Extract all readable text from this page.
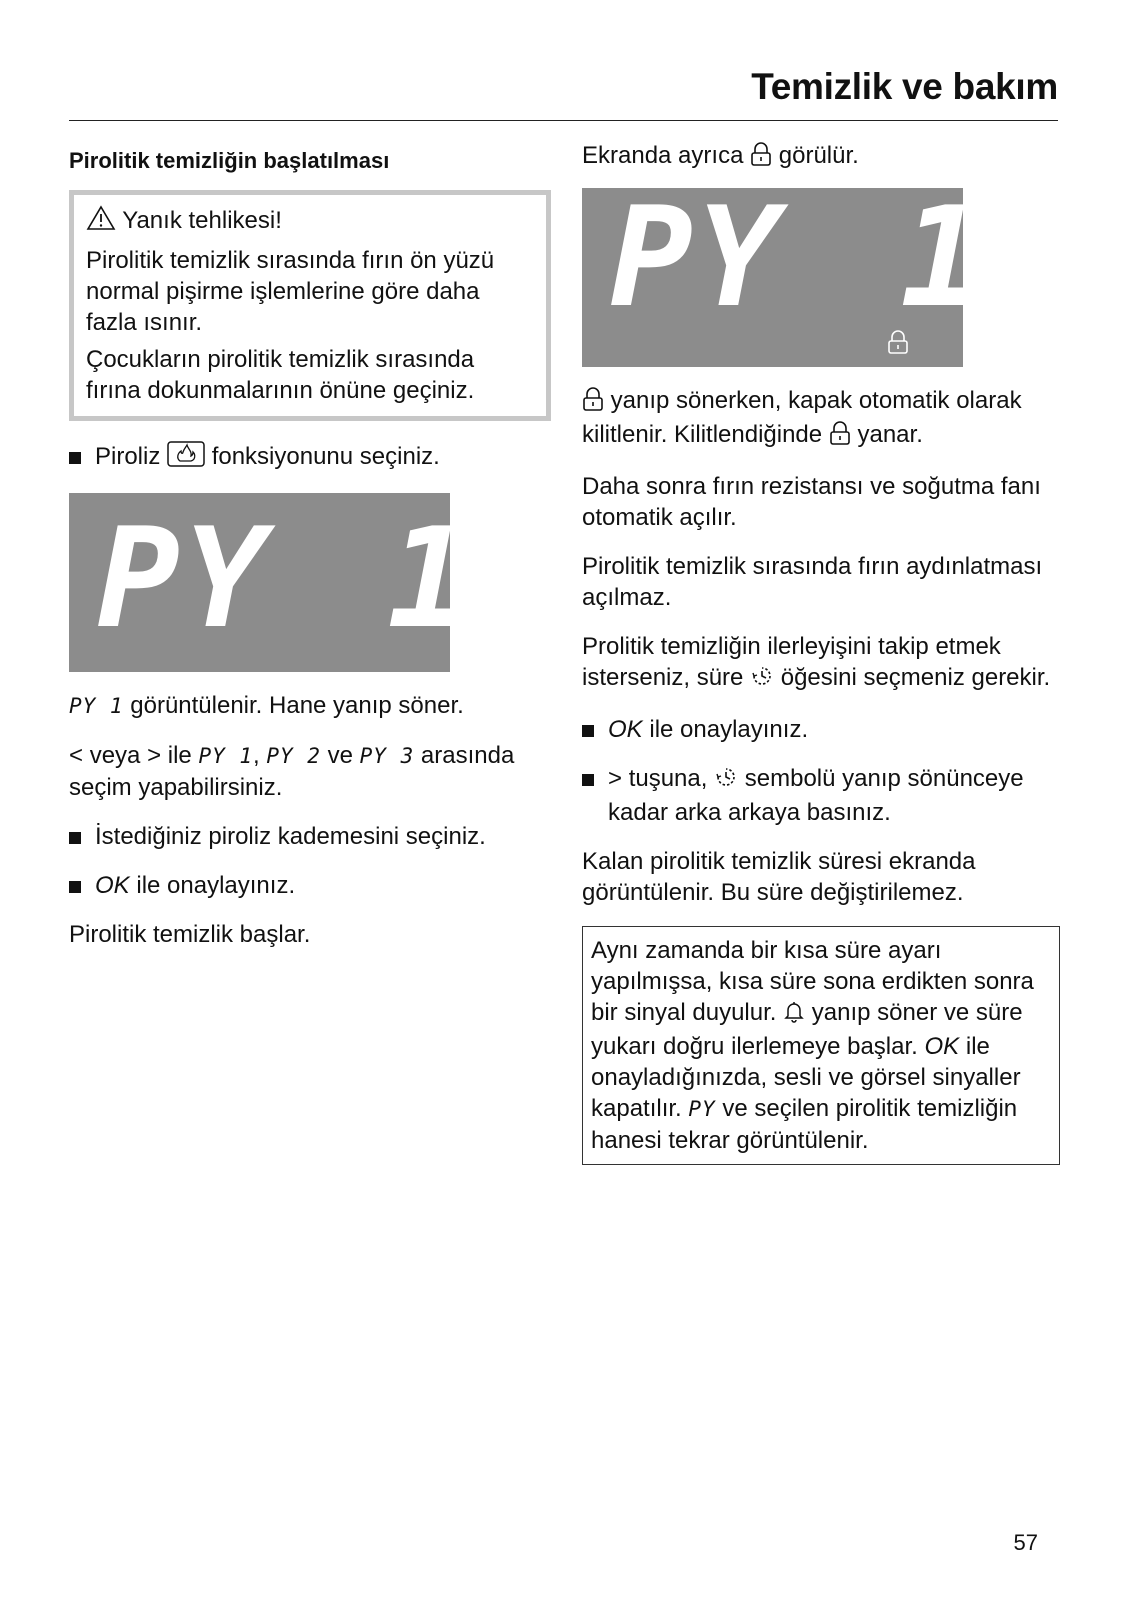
Temizlik ve bakım
Pirolitik temizliğin başlatılması

Yanık tehlikesi!

Pirolitik temizlik sırasında fırın ön yüzü normal pişirme işlemlerine göre daha fazla ısınır.

Çocukların pirolitik temizlik sırasında fırına dokunmalarının önüne geçiniz.

Piroliz fonksiyonunu seçiniz.
PY 1

PY 1 görüntülenir. Hane yanıp söner.

< veya > ile PY 1, PY 2 ve PY 3 arasında seçim yapabilirsiniz.

İstediğiniz piroliz kademesini seçiniz.
OK ile onaylayınız.

Pirolitik temizlik başlar.

Ekranda ayrıca görülür.

PY 1

yanıp sönerken, kapak otomatik olarak kilitlenir. Kilitlendiğinde yanar.

Daha sonra fırın rezistansı ve soğutma fanı otomatik açılır.

Pirolitik temizlik sırasında fırın aydınlatması açılmaz.

Prolitik temizliğin ilerleyişini takip etmek isterseniz, süre öğesini seçmeniz gerekir.

OK ile onaylayınız.
> tuşuna, sembolü yanıp sönünceye kadar arka arkaya basınız.

Kalan pirolitik temizlik süresi ekranda görüntülenir. Bu süre değiştirilemez.

Aynı zamanda bir kısa süre ayarı yapılmışsa, kısa süre sona erdikten sonra bir sinyal duyulur. yanıp söner ve süre yukarı doğru ilerlemeye başlar. OK ile onayladığınızda, sesli ve görsel sinyaller kapatılır. PY ve seçilen pirolitik temizliğin hanesi tekrar görüntülenir.

57
